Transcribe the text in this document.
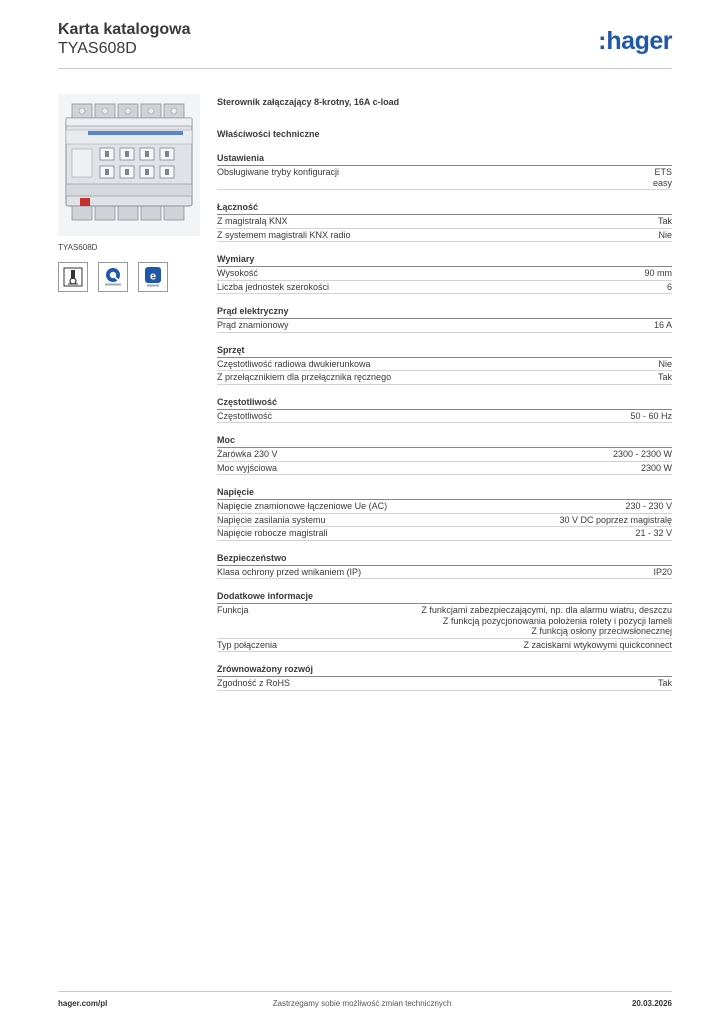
Karta katalogowa
TYAS608D	:hager
TYAS608D
e
Sterownik załączający 8-krotny, 16A c-load
Właściwości techniczne
Ustawienia
Obsługiwane tryby konfiguracji	ETS
easy
Łączność
Z magistralą KNX	Tak
Z systemem magistrali KNX radio	Nie
Wymiary
Wysokość	90 mm
Liczba jednostek szerokości	6
Prąd elektryczny
Prąd znamionowy	16 A
Sprzęt
Częstotliwość radiowa dwukierunkowa	Nie
Z przełącznikiem dla przełącznika ręcznego	Tak
Częstotliwość
Częstotliwość	50 - 60 Hz
Moc
Żarówka 230 V	2300 - 2300 W
Moc wyjściowa	2300 W
Napięcie
Napięcie znamionowe łączeniowe Ue (AC)	230 - 230 V
Napięcie zasilania systemu	30 V DC poprzez magistralę
Napięcie robocze magistrali	21 - 32 V
Bezpieczeństwo
Klasa ochrony przed wnikaniem (IP)	IP20
Dodatkowe informacje
Funkcja	Z funkcjami zabezpieczającymi, np. dla alarmu wiatru, deszczu
Z funkcją pozycjonowania położenia rolety i pozycji lameli
Z funkcją osłony przeciwsłonecznej
Typ połączenia	Z zaciskami wtykowymi quickconnect
Zrównoważony rozwój
Zgodność z RoHS	Tak
hager.com/pl	Zastrzegamy sobie możliwość zmian technicznych	20.03.2026
